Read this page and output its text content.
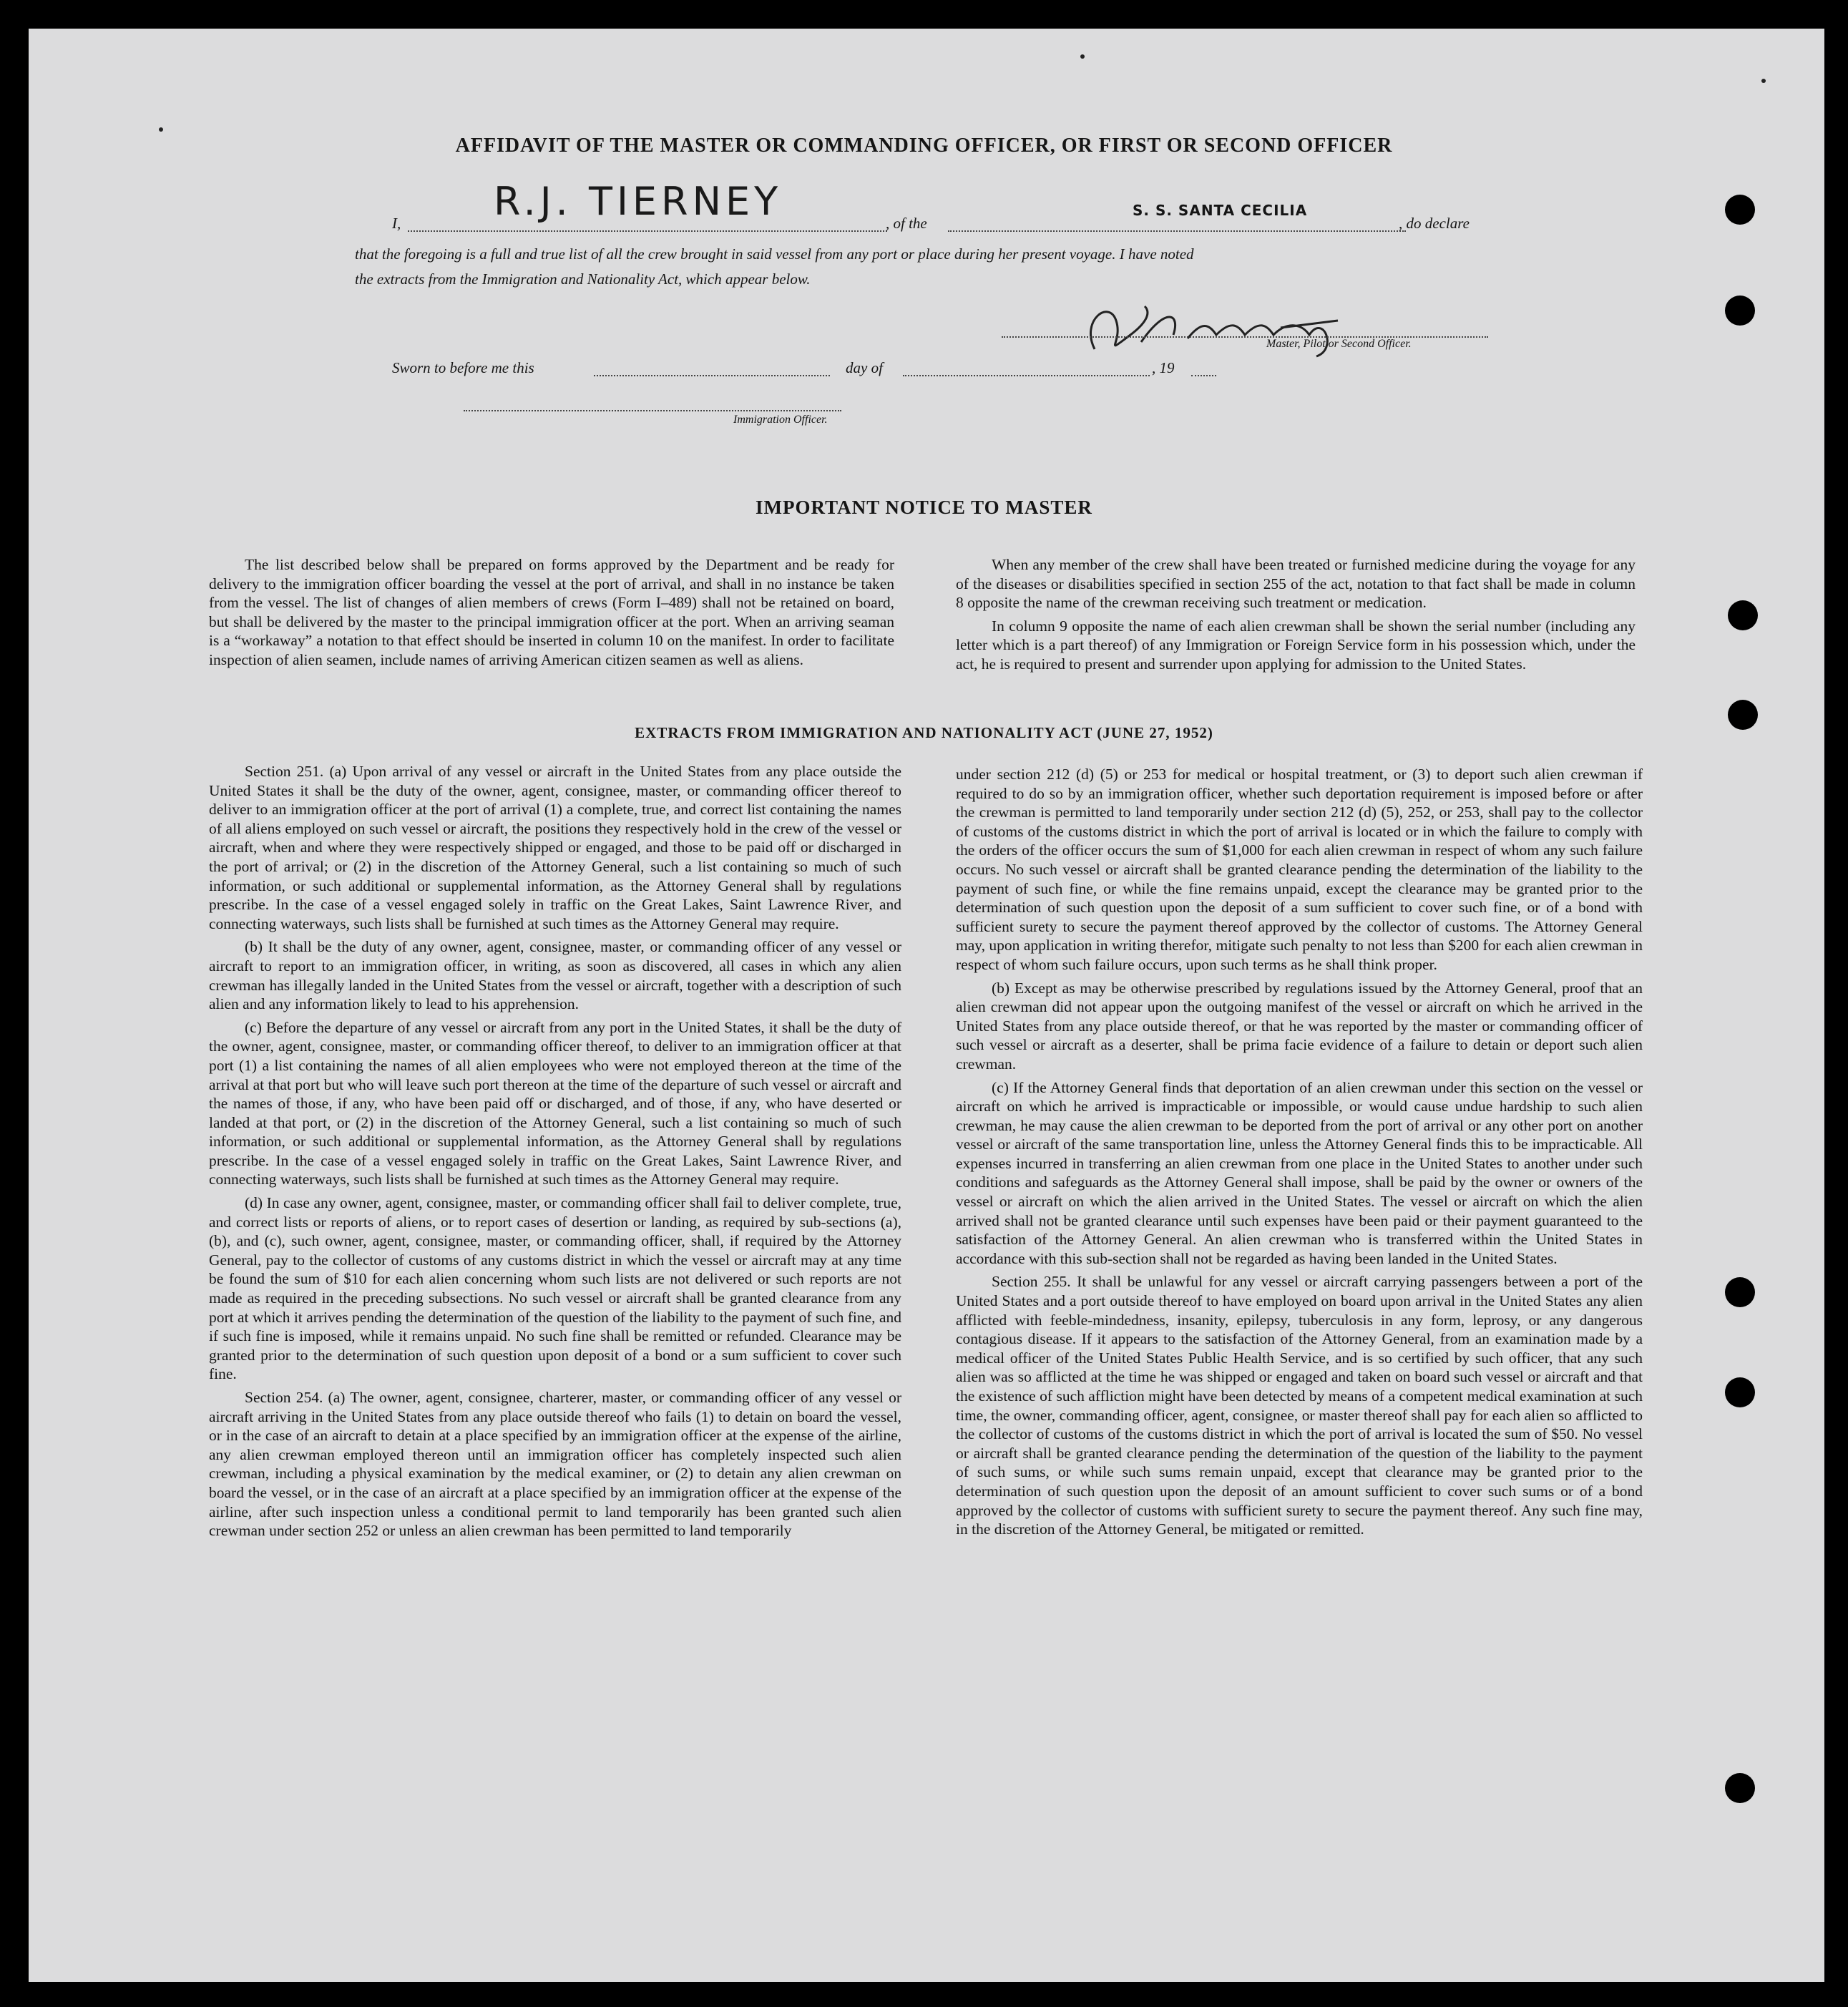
AFFIDAVIT OF THE MASTER OR COMMANDING OFFICER, OR FIRST OR SECOND OFFICER
I, R.J. TIERNEY	, of the
S. S. SANTA CECILIA
, do declare
that the foregoing is a full and true list of all the crew brought in said vessel from any port or place during her present voyage. I have noted
the extracts from the Immigration and Nationality Act, which appear below.
Master, Pilot or Second Officer.
Sworn to before me this	day of	, 19
Immigration Officer.
IMPORTANT NOTICE TO MASTER

The list described below shall be prepared on forms approved by the Department and be ready for delivery to the immigration officer boarding the vessel at the port of arrival, and shall in no instance be taken from the vessel. The list of changes of alien members of crews (Form I–489) shall not be retained on board, but shall be delivered by the master to the principal immigration officer at the port. When an arriving seaman is a “workaway” a notation to that effect should be inserted in column 10 on the manifest. In order to facilitate inspection of alien seamen, include names of arriving American citizen seamen as well as aliens.

When any member of the crew shall have been treated or furnished medicine during the voyage for any of the diseases or disabilities specified in section 255 of the act, notation to that fact shall be made in column 8 opposite the name of the crewman receiving such treatment or medication.

In column 9 opposite the name of each alien crewman shall be shown the serial number (including any letter which is a part thereof) of any Immigration or Foreign Service form in his possession which, under the act, he is required to present and surrender upon applying for admission to the United States.

EXTRACTS FROM IMMIGRATION AND NATIONALITY ACT (JUNE 27, 1952)

Section 251. (a) Upon arrival of any vessel or aircraft in the United States from any place outside the United States it shall be the duty of the owner, agent, consignee, master, or commanding officer thereof to deliver to an immigration officer at the port of arrival (1) a complete, true, and correct list containing the names of all aliens employed on such vessel or aircraft, the positions they respectively hold in the crew of the vessel or aircraft, when and where they were respectively shipped or engaged, and those to be paid off or discharged in the port of arrival; or (2) in the discretion of the Attorney General, such a list containing so much of such information, or such additional or supplemental information, as the Attorney General shall by regulations prescribe. In the case of a vessel engaged solely in traffic on the Great Lakes, Saint Lawrence River, and connecting waterways, such lists shall be furnished at such times as the Attorney General may require.

(b) It shall be the duty of any owner, agent, consignee, master, or commanding officer of any vessel or aircraft to report to an immigration officer, in writing, as soon as discovered, all cases in which any alien crewman has illegally landed in the United States from the vessel or aircraft, together with a description of such alien and any information likely to lead to his apprehension.

(c) Before the departure of any vessel or aircraft from any port in the United States, it shall be the duty of the owner, agent, consignee, master, or commanding officer thereof, to deliver to an immigration officer at that port (1) a list containing the names of all alien employees who were not employed thereon at the time of the arrival at that port but who will leave such port thereon at the time of the departure of such vessel or aircraft and the names of those, if any, who have been paid off or discharged, and of those, if any, who have deserted or landed at that port, or (2) in the discretion of the Attorney General, such a list containing so much of such information, or such additional or supplemental information, as the Attorney General shall by regulations prescribe. In the case of a vessel engaged solely in traffic on the Great Lakes, Saint Lawrence River, and connecting waterways, such lists shall be furnished at such times as the Attorney General may require.

(d) In case any owner, agent, consignee, master, or commanding officer shall fail to deliver complete, true, and correct lists or reports of aliens, or to report cases of desertion or landing, as required by sub-sections (a), (b), and (c), such owner, agent, consignee, master, or commanding officer, shall, if required by the Attorney General, pay to the collector of customs of any customs district in which the vessel or aircraft may at any time be found the sum of $10 for each alien concerning whom such lists are not delivered or such reports are not made as required in the preceding subsections. No such vessel or aircraft shall be granted clearance from any port at which it arrives pending the determination of the question of the liability to the payment of such fine, and if such fine is imposed, while it remains unpaid. No such fine shall be remitted or refunded. Clearance may be granted prior to the determination of such question upon deposit of a bond or a sum sufficient to cover such fine.

Section 254. (a) The owner, agent, consignee, charterer, master, or commanding officer of any vessel or aircraft arriving in the United States from any place outside thereof who fails (1) to detain on board the vessel, or in the case of an aircraft to detain at a place specified by an immigration officer at the expense of the airline, any alien crewman employed thereon until an immigration officer has completely inspected such alien crewman, including a physical examination by the medical examiner, or (2) to detain any alien crewman on board the vessel, or in the case of an aircraft at a place specified by an immigration officer at the expense of the airline, after such inspection unless a conditional permit to land temporarily has been granted such alien crewman under section 252 or unless an alien crewman has been permitted to land temporarily

under section 212 (d) (5) or 253 for medical or hospital treatment, or (3) to deport such alien crewman if required to do so by an immigration officer, whether such deportation requirement is imposed before or after the crewman is permitted to land temporarily under section 212 (d) (5), 252, or 253, shall pay to the collector of customs of the customs district in which the port of arrival is located or in which the failure to comply with the orders of the officer occurs the sum of $1,000 for each alien crewman in respect of whom any such failure occurs. No such vessel or aircraft shall be granted clearance pending the determination of the liability to the payment of such fine, or while the fine remains unpaid, except the clearance may be granted prior to the determination of such question upon the deposit of a sum sufficient to cover such fine, or of a bond with sufficient surety to secure the payment thereof approved by the collector of customs. The Attorney General may, upon application in writing therefor, mitigate such penalty to not less than $200 for each alien crewman in respect of whom such failure occurs, upon such terms as he shall think proper.

(b) Except as may be otherwise prescribed by regulations issued by the Attorney General, proof that an alien crewman did not appear upon the outgoing manifest of the vessel or aircraft on which he arrived in the United States from any place outside thereof, or that he was reported by the master or commanding officer of such vessel or aircraft as a deserter, shall be prima facie evidence of a failure to detain or deport such alien crewman.

(c) If the Attorney General finds that deportation of an alien crewman under this section on the vessel or aircraft on which he arrived is impracticable or impossible, or would cause undue hardship to such alien crewman, he may cause the alien crewman to be deported from the port of arrival or any other port on another vessel or aircraft of the same transportation line, unless the Attorney General finds this to be impracticable. All expenses incurred in transferring an alien crewman from one place in the United States to another under such conditions and safeguards as the Attorney General shall impose, shall be paid by the owner or owners of the vessel or aircraft on which the alien arrived in the United States. The vessel or aircraft on which the alien arrived shall not be granted clearance until such expenses have been paid or their payment guaranteed to the satisfaction of the Attorney General. An alien crewman who is transferred within the United States in accordance with this sub-section shall not be regarded as having been landed in the United States.

Section 255. It shall be unlawful for any vessel or aircraft carrying passengers between a port of the United States and a port outside thereof to have employed on board upon arrival in the United States any alien afflicted with feeble-mindedness, insanity, epilepsy, tuberculosis in any form, leprosy, or any dangerous contagious disease. If it appears to the satisfaction of the Attorney General, from an examination made by a medical officer of the United States Public Health Service, and is so certified by such officer, that any such alien was so afflicted at the time he was shipped or engaged and taken on board such vessel or aircraft and that the existence of such affliction might have been detected by means of a competent medical examination at such time, the owner, commanding officer, agent, consignee, or master thereof shall pay for each alien so afflicted to the collector of customs of the customs district in which the port of arrival is located the sum of $50. No vessel or aircraft shall be granted clearance pending the determination of the question of the liability to the payment of such sums, or while such sums remain unpaid, except that clearance may be granted prior to the determination of such question upon the deposit of an amount sufficient to cover such sums or of a bond approved by the collector of customs with sufficient surety to secure the payment thereof. Any such fine may, in the discretion of the Attorney General, be mitigated or remitted.
